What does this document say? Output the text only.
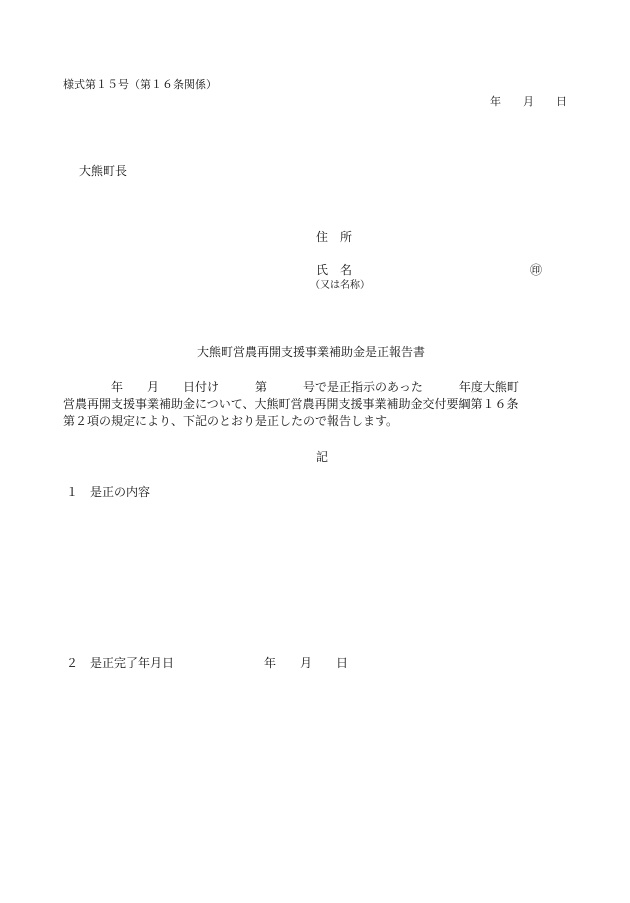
様式第１５号（第１６条関係）
年　　月　　日
大熊町長
住　所
氏　名	㊞
（又は名称）
大熊町営農再開支援事業補助金是正報告書
　　　　年　　月　　日付け　　　第　　　号で是正指示のあった　　　年度大熊町
営農再開支援事業補助金について、大熊町営農再開支援事業補助金交付要綱第１６条
第２項の規定により、下記のとおり是正したので報告します。
記
１ 是正の内容
２ 是正完了年月日	年　　月　　日
